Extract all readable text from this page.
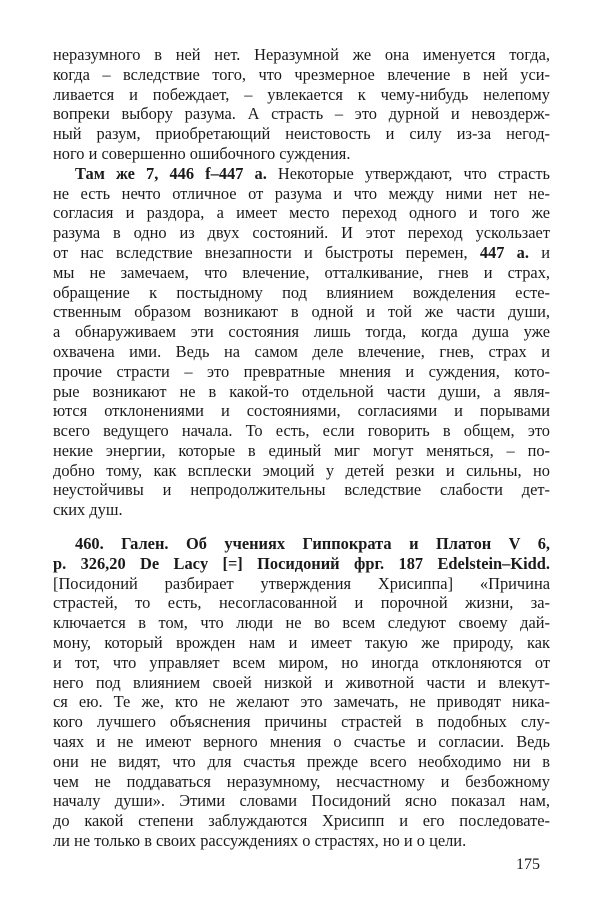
неразумного в ней нет. Неразумной же она именуется тогда,
когда – вследствие того, что чрезмерное влечение в ней уси-
ливается и побеждает, – увлекается к чему-нибудь нелепому
вопреки выбору разума. А страсть – это дурной и невоздерж-
ный разум, приобретающий неистовость и силу из-за негод-
ного и совершенно ошибочного суждения.
Там же 7, 446 f–447 a. Некоторые утверждают, что страсть
не есть нечто отличное от разума и что между ними нет не-
согласия и раздора, а имеет место переход одного и того же
разума в одно из двух состояний. И этот переход ускользает
от нас вследствие внезапности и быстроты перемен, 447 a. и
мы не замечаем, что влечение, отталкивание, гнев и страх,
обращение к постыдному под влиянием вожделения есте-
ственным образом возникают в одной и той же части души,
а обнаруживаем эти состояния лишь тогда, когда душа уже
охвачена ими. Ведь на самом деле влечение, гнев, страх и
прочие страсти – это превратные мнения и суждения, кото-
рые возникают не в какой-то отдельной части души, а явля-
ются отклонениями и состояниями, согласиями и порывами
всего ведущего начала. То есть, если говорить в общем, это
некие энергии, которые в единый миг могут меняться, – по-
добно тому, как всплески эмоций у детей резки и сильны, но
неустойчивы и непродолжительны вследствие слабости дет-
ских душ.
460. Гален. Об учениях Гиппократа и Платон V 6,
p. 326,20 De Lacy [=] Посидоний фрг. 187 Edelstein–Kidd.
[Посидоний разбирает утверждения Хрисиппа] «Причина
страстей, то есть, несогласованной и порочной жизни, за-
ключается в том, что люди не во всем следуют своему дай-
мону, который врожден нам и имеет такую же природу, как
и тот, что управляет всем миром, но иногда отклоняются от
него под влиянием своей низкой и животной части и влекут-
ся ею. Те же, кто не желают это замечать, не приводят ника-
кого лучшего объяснения причины страстей в подобных слу-
чаях и не имеют верного мнения о счастье и согласии. Ведь
они не видят, что для счастья прежде всего необходимо ни в
чем не поддаваться неразумному, несчастному и безбожному
началу души». Этими словами Посидоний ясно показал нам,
до какой степени заблуждаются Хрисипп и его последовате-
ли не только в своих рассуждениях о страстях, но и о цели.
175
